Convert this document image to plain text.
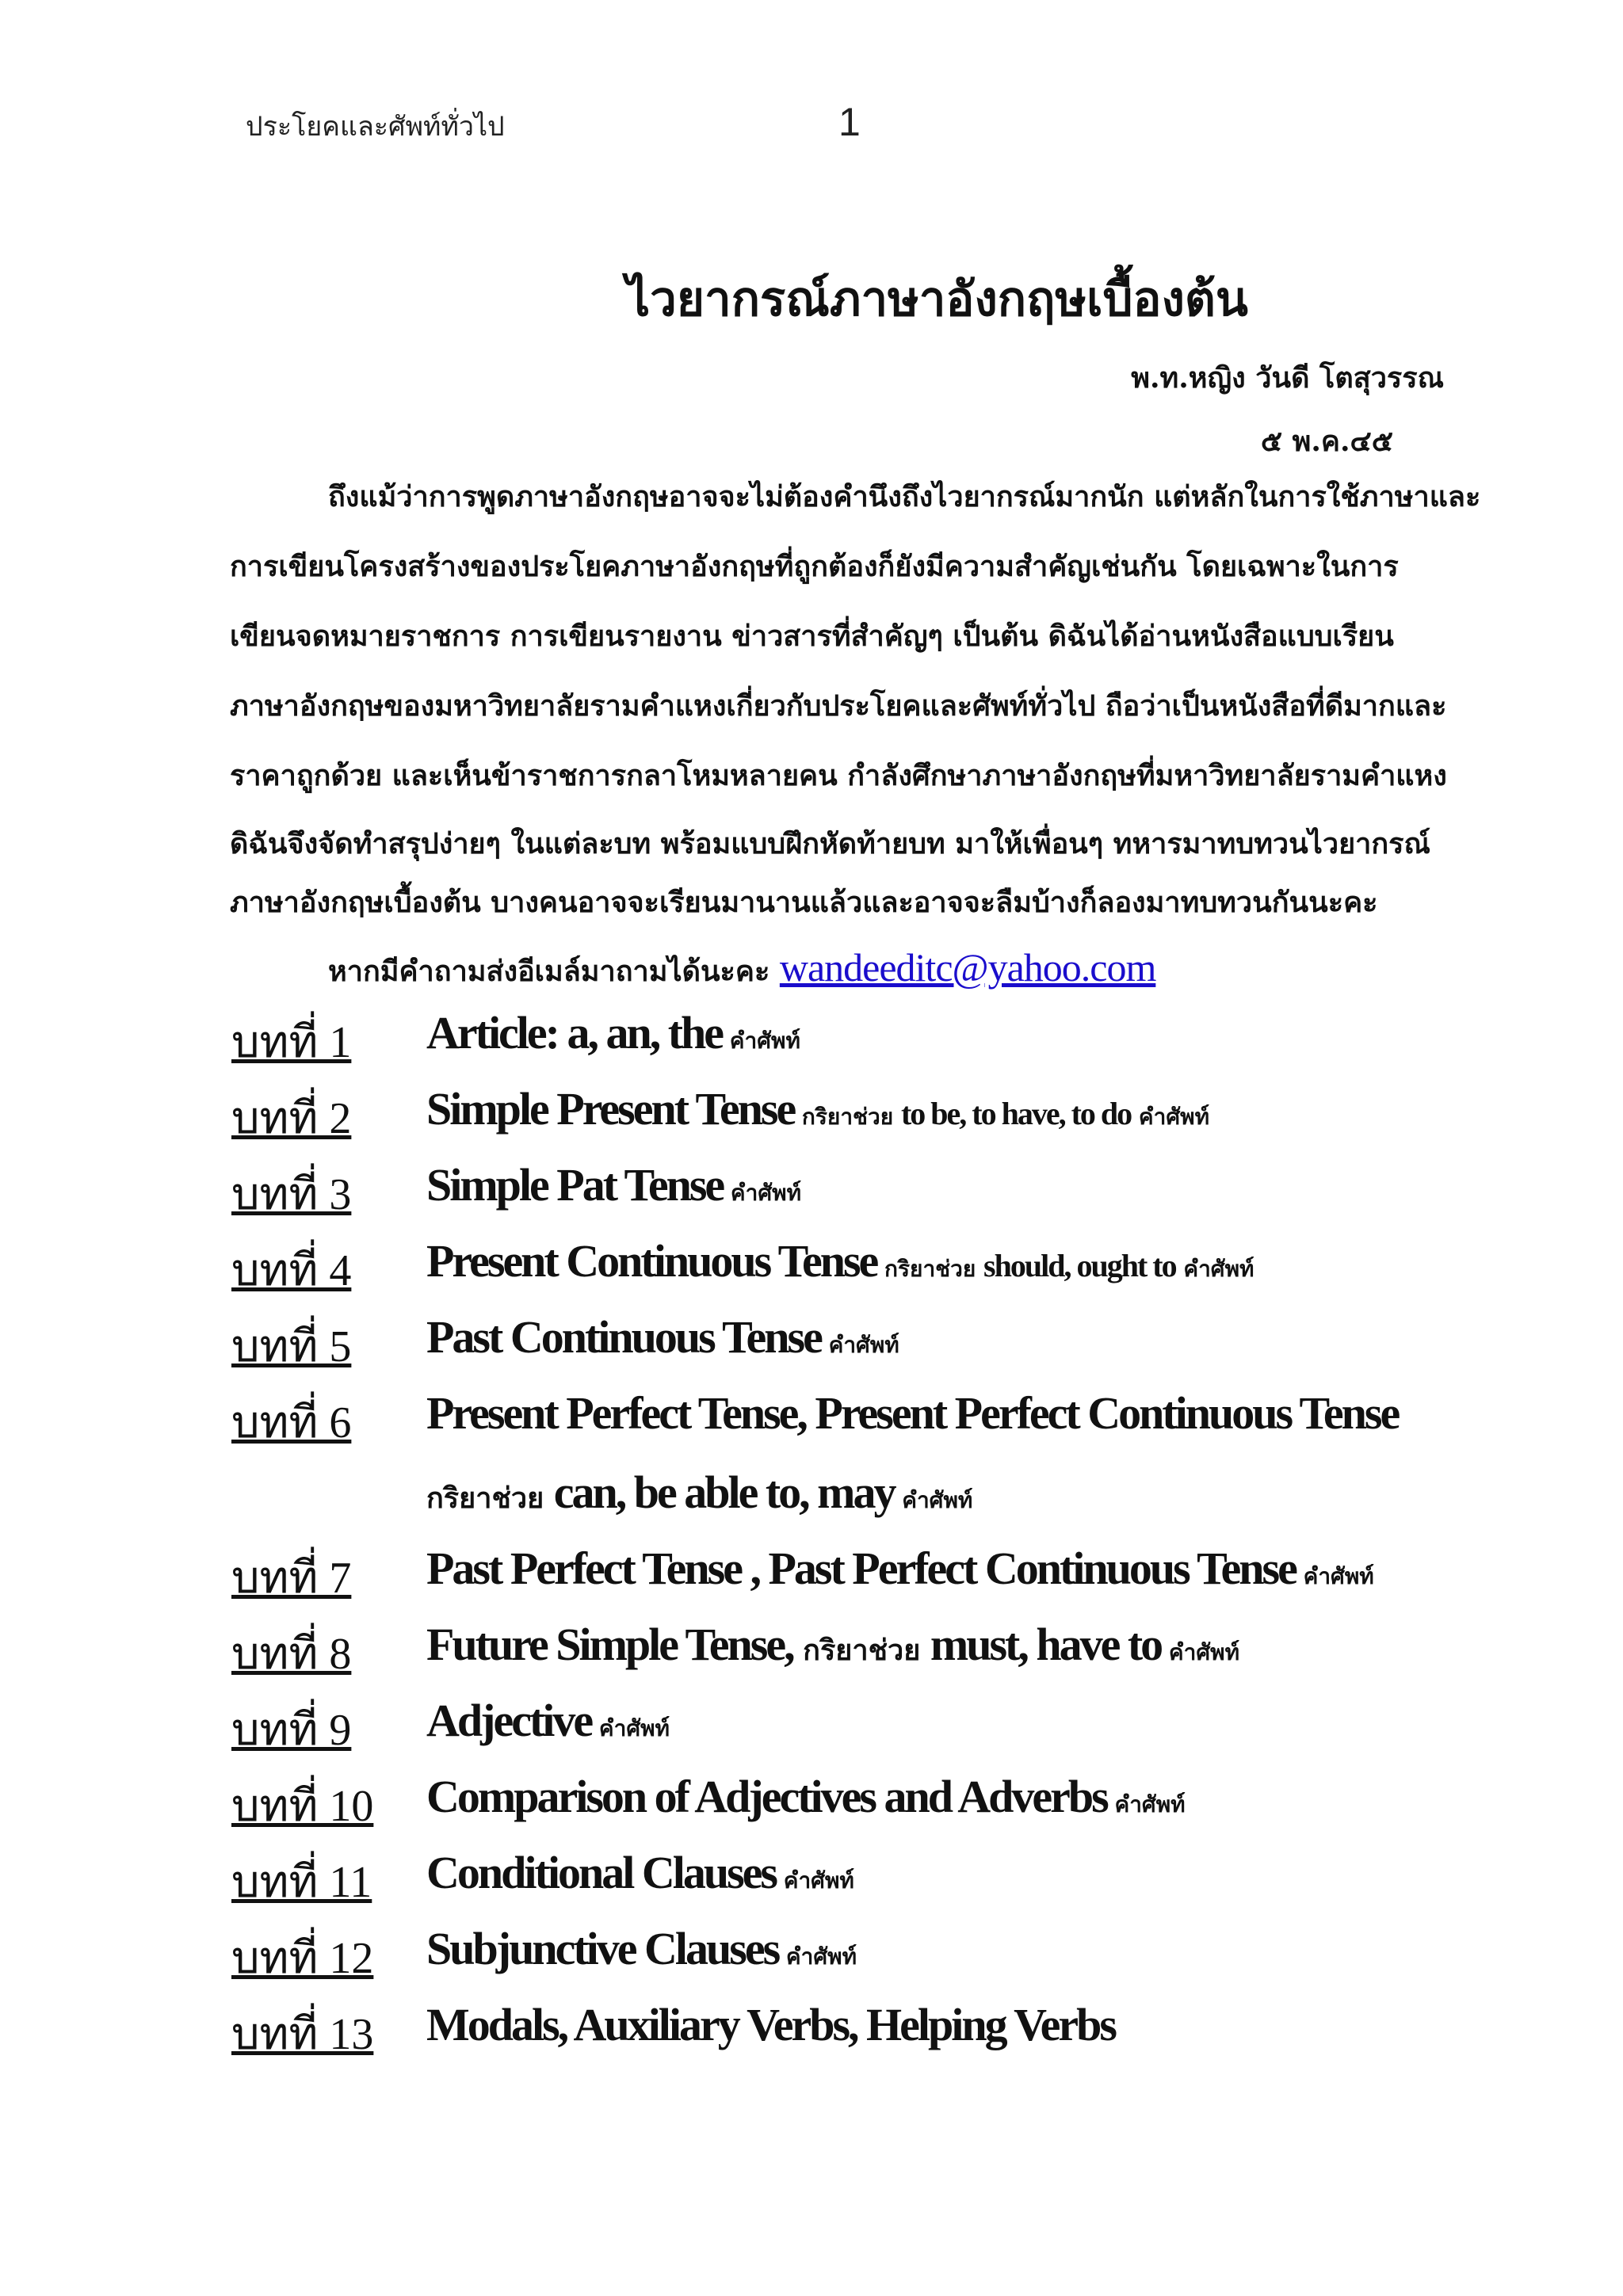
ประโยคและศัพท์ทั่วไป	1
ไวยากรณ์ภาษาอังกฤษเบื้องต้น
พ.ท.หญิง วันดี โตสุวรรณ
๕ พ.ค.๔๕
ถึงแม้ว่าการพูดภาษาอังกฤษอาจจะไม่ต้องคำนึงถึงไวยากรณ์มากนัก แต่หลักในการใช้ภาษาและ
การเขียนโครงสร้างของประโยคภาษาอังกฤษที่ถูกต้องก็ยังมีความสำคัญเช่นกัน โดยเฉพาะในการ
เขียนจดหมายราชการ การเขียนรายงาน ข่าวสารที่สำคัญๆ เป็นต้น ดิฉันได้อ่านหนังสือแบบเรียน
ภาษาอังกฤษของมหาวิทยาลัยรามคำแหงเกี่ยวกับประโยคและศัพท์ทั่วไป ถือว่าเป็นหนังสือที่ดีมากและ
ราคาถูกด้วย และเห็นข้าราชการกลาโหมหลายคน กำลังศึกษาภาษาอังกฤษที่มหาวิทยาลัยรามคำแหง
ดิฉันจึงจัดทำสรุปง่ายๆ ในแต่ละบท พร้อมแบบฝึกหัดท้ายบท มาให้เพื่อนๆ ทหารมาทบทวนไวยากรณ์
ภาษาอังกฤษเบื้องต้น บางคนอาจจะเรียนมานานแล้วและอาจจะลืมบ้างก็ลองมาทบทวนกันนะคะ
หากมีคำถามส่งอีเมล์มาถามได้นะคะ wandeeditc@yahoo.com
บทที่ 1 Article: a, an, the คำศัพท์
บทที่ 2 Simple Present Tense กริยาช่วย to be, to have, to do คำศัพท์
บทที่ 3 Simple Pat Tense คำศัพท์
บทที่ 4 Present Continuous Tense กริยาช่วย should, ought to คำศัพท์
บทที่ 5 Past Continuous Tense คำศัพท์
บทที่ 6 Present Perfect Tense, Present Perfect Continuous Tense
กริยาช่วย can, be able to, may คำศัพท์
บทที่ 7 Past Perfect Tense , Past Perfect Continuous Tense คำศัพท์
บทที่ 8 Future Simple Tense, กริยาช่วย must, have to คำศัพท์
บทที่ 9 Adjective คำศัพท์
บทที่ 10 Comparison of Adjectives and Adverbs คำศัพท์
บทที่ 11 Conditional Clauses คำศัพท์
บทที่ 12 Subjunctive Clauses คำศัพท์
บทที่ 13 Modals, Auxiliary Verbs, Helping Verbs
